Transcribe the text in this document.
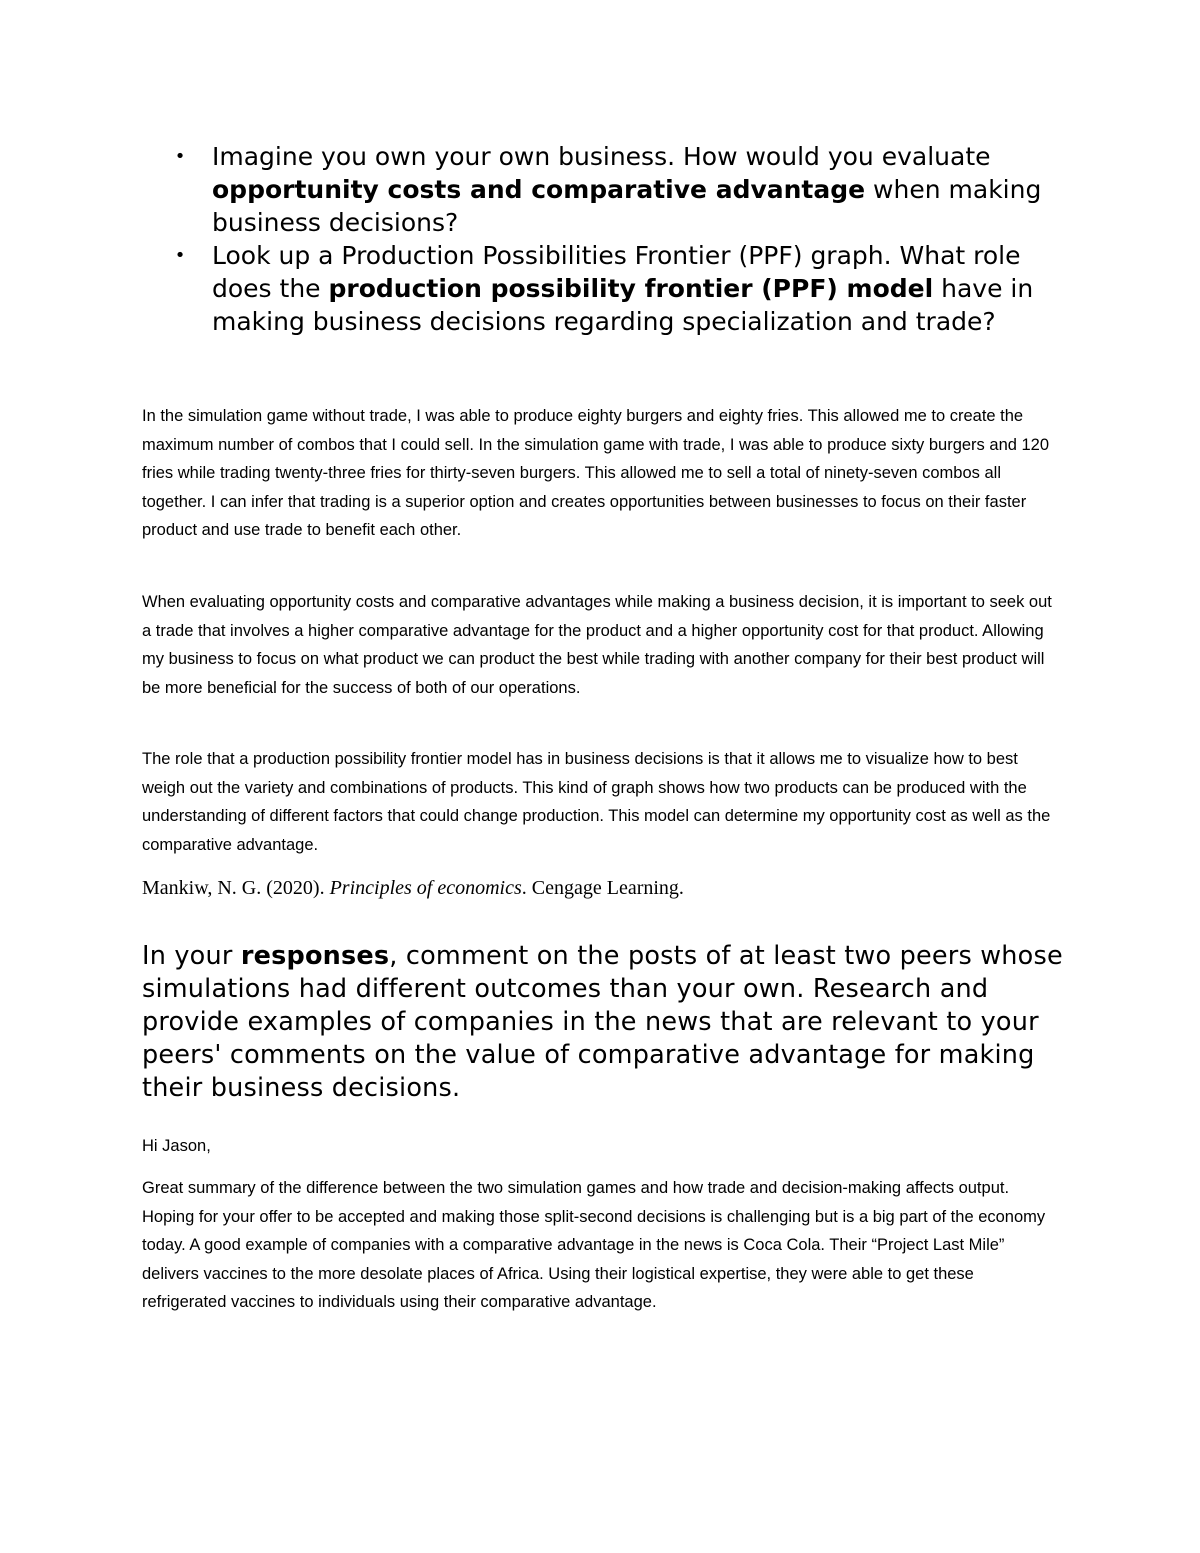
• Imagine you own your own business. How would you evaluate opportunity costs and comparative advantage when making business decisions?
• Look up a Production Possibilities Frontier (PPF) graph. What role does the production possibility frontier (PPF) model have in making business decisions regarding specialization and trade?

In the simulation game without trade, I was able to produce eighty burgers and eighty fries. This allowed me to create the maximum number of combos that I could sell. In the simulation game with trade, I was able to produce sixty burgers and 120 fries while trading twenty-three fries for thirty-seven burgers. This allowed me to sell a total of ninety-seven combos all together. I can infer that trading is a superior option and creates opportunities between businesses to focus on their faster product and use trade to benefit each other.

When evaluating opportunity costs and comparative advantages while making a business decision, it is important to seek out a trade that involves a higher comparative advantage for the product and a higher opportunity cost for that product. Allowing my business to focus on what product we can product the best while trading with another company for their best product will be more beneficial for the success of both of our operations.

The role that a production possibility frontier model has in business decisions is that it allows me to visualize how to best weigh out the variety and combinations of products. This kind of graph shows how two products can be produced with the understanding of different factors that could change production. This model can determine my opportunity cost as well as the comparative advantage.

Mankiw, N. G. (2020). Principles of economics. Cengage Learning.

In your responses, comment on the posts of at least two peers whose simulations had different outcomes than your own. Research and provide examples of companies in the news that are relevant to your peers' comments on the value of comparative advantage for making their business decisions.

Hi Jason,

Great summary of the difference between the two simulation games and how trade and decision-making affects output. Hoping for your offer to be accepted and making those split-second decisions is challenging but is a big part of the economy today. A good example of companies with a comparative advantage in the news is Coca Cola. Their “Project Last Mile” delivers vaccines to the more desolate places of Africa. Using their logistical expertise, they were able to get these refrigerated vaccines to individuals using their comparative advantage.
